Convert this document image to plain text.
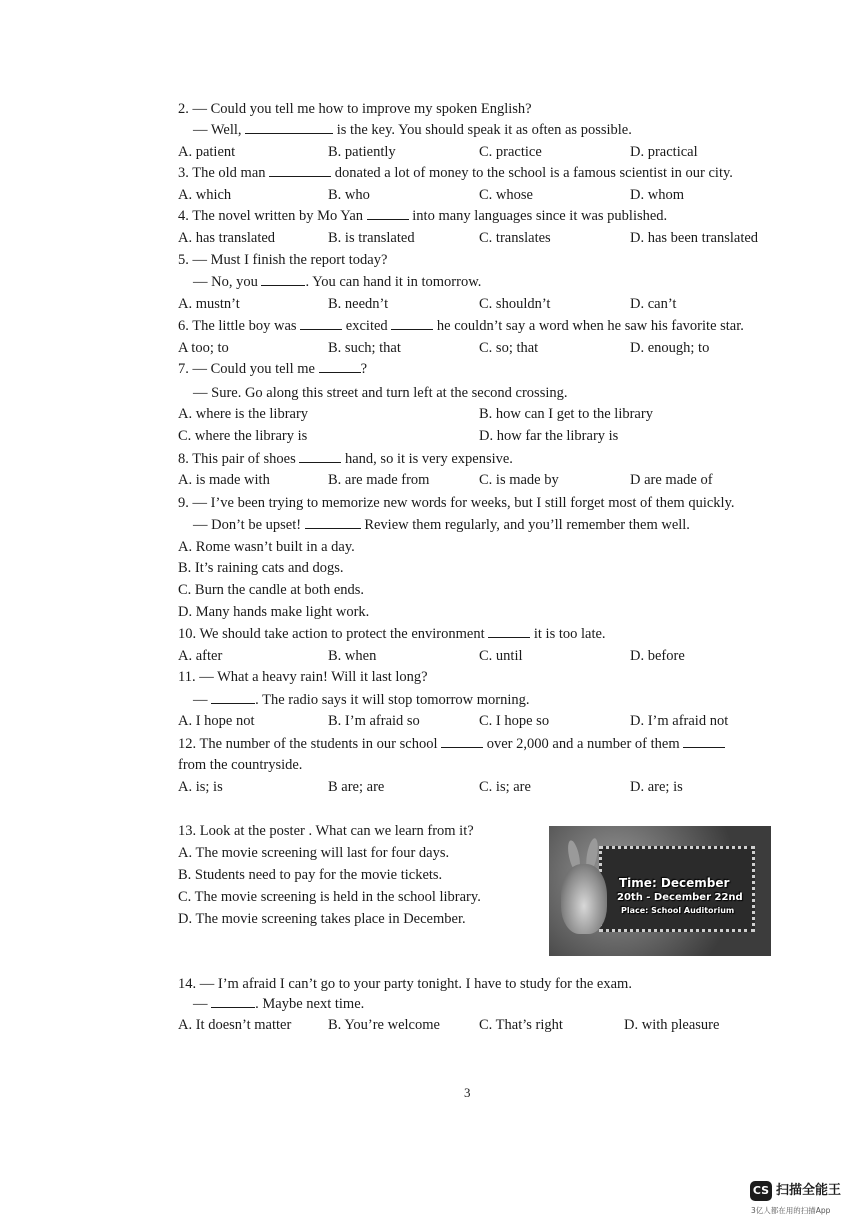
2. — Could you tell me how to improve my spoken English?
— Well,	is the key. You should speak it as often as possible.
A. patient	B. patiently	C. practice	D. practical
3. The old man	donated a lot of money to the school is a famous scientist in our city.
A. which	B. who	C. whose	D. whom
4. The novel written by Mo Yan	into many languages since it was published.
A. has translated	B. is translated	C. translates	D. has been translated
5. — Must I finish the report today?
— No, you	. You can hand it in tomorrow.
A. mustn’t	B. needn’t	C. shouldn’t	D. can’t
6. The little boy was	excited	he couldn’t say a word when he saw his favorite star.
A too; to	B. such; that	C. so; that	D. enough; to
7. — Could you tell me	?
— Sure. Go along this street and turn left at the second crossing.
A. where is the library	B. how can I get to the library
C. where the library is	D. how far the library is
8. This pair of shoes	hand, so it is very expensive.
A. is made with	B. are made from	C. is made by	D are made of
9. — I’ve been trying to memorize new words for weeks, but I still forget most of them quickly.
— Don’t be upset!	Review them regularly, and you’ll remember them well.
A. Rome wasn’t built in a day.
B. It’s raining cats and dogs.
C. Burn the candle at both ends.
D. Many hands make light work.
10. We should take action to protect the environment	it is too late.
A. after	B. when	C. until	D. before
11. — What a heavy rain! Will it last long?
—	. The radio says it will stop tomorrow morning.
A. I hope not	B. I’m afraid so	C. I hope so	D. I’m afraid not
12. The number of the students in our school	over 2,000 and a number of them
from the countryside.
A. is; is	B are; are	C. is; are	D. are; is
13. Look at the poster . What can we learn from it?
A. The movie screening will last for four days.
B. Students need to pay for the movie tickets.
C. The movie screening is held in the school library.
D. The movie screening takes place in December.
Time: December
20th - December 22nd
Place: School Auditorium
14. — I’m afraid I can’t go to your party tonight. I have to study for the exam.
—	. Maybe next time.
A. It doesn’t matter	B. You’re welcome	C. That’s right	D. with pleasure
3
CS 扫描全能王
3亿人都在用的扫描App
